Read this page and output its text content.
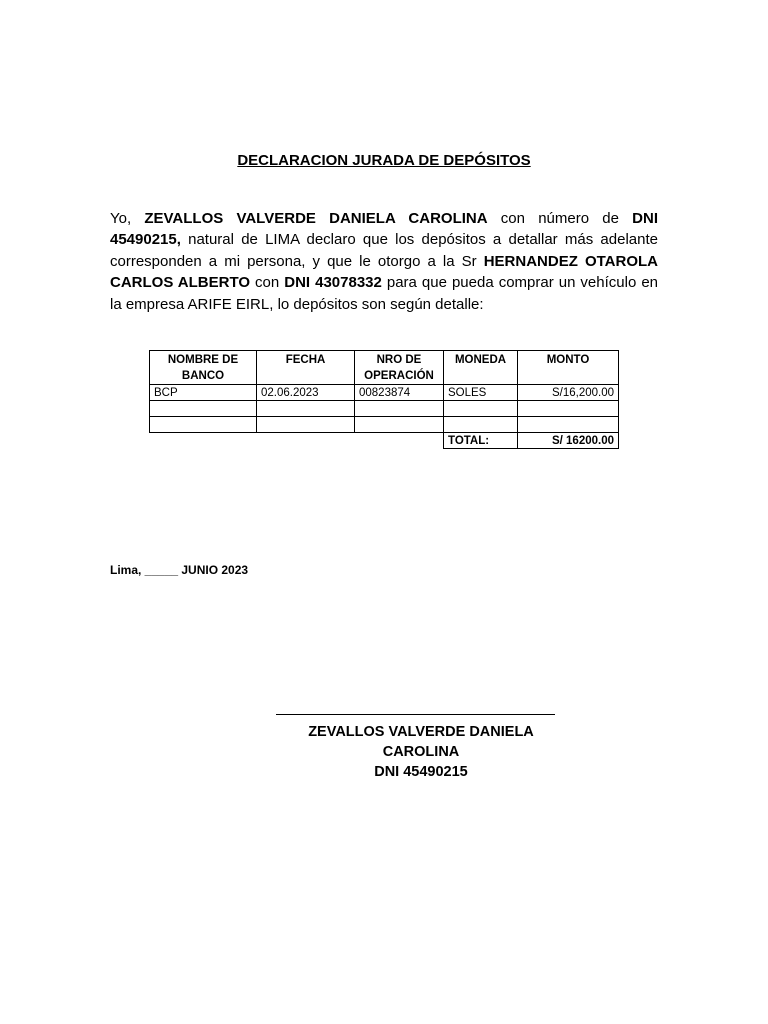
DECLARACION JURADA DE DEPÓSITOS
Yo, ZEVALLOS VALVERDE DANIELA CAROLINA con número de DNI 45490215, natural de LIMA declaro que los depósitos a detallar más adelante corresponden a mi persona, y que le otorgo a la Sr HERNANDEZ OTAROLA CARLOS ALBERTO con DNI 43078332 para que pueda comprar un vehículo en la empresa ARIFE EIRL, lo depósitos son según detalle:
NOMBRE DE BANCO	FECHA	NRO DE OPERACIÓN	MONEDA	MONTO
BCP	02.06.2023	00823874	SOLES	S/16,200.00

			TOTAL:	S/ 16200.00
Lima, _____ JUNIO 2023
ZEVALLOS VALVERDE DANIELA
CAROLINA
DNI 45490215
